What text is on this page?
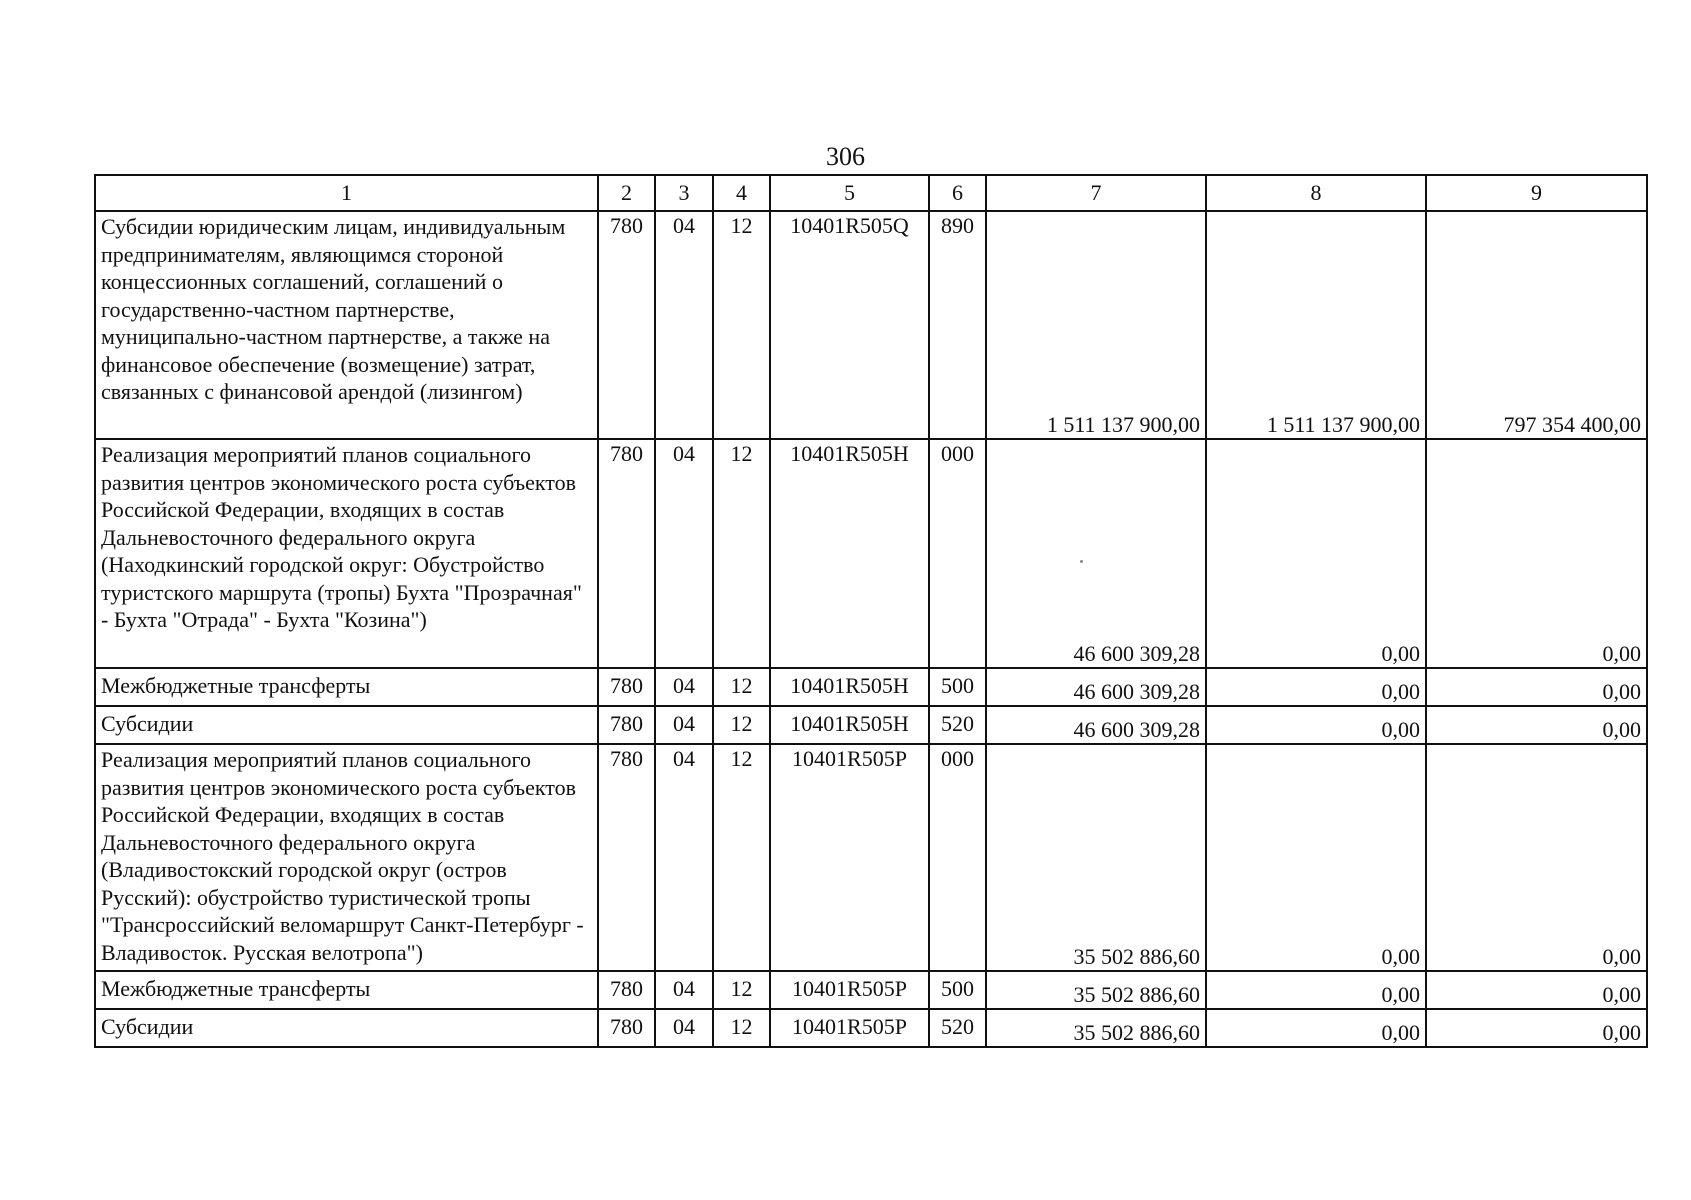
306
1	2	3	4	5	6	7	8	9
Субсидии юридическим лицам, индивидуальным предпринимателям, являющимся стороной концессионных соглашений, соглашений о государственно-частном партнерстве, муниципально-частном партнерстве, а также на финансовое обеспечение (возмещение) затрат, связанных с финансовой арендой (лизингом)	780	04	12	10401R505Q	890	1 511 137 900,00	1 511 137 900,00	797 354 400,00
Реализация мероприятий планов социального развития центров экономического роста субъектов Российской Федерации, входящих в состав Дальневосточного федерального округа (Находкинский городской округ: Обустройство туристского маршрута (тропы) Бухта "Прозрачная" - Бухта "Отрада" - Бухта "Козина")	780	04	12	10401R505H	000	46 600 309,28	0,00	0,00
Межбюджетные трансферты	780	04	12	10401R505H	500	46 600 309,28	0,00	0,00
Субсидии	780	04	12	10401R505H	520	46 600 309,28	0,00	0,00
Реализация мероприятий планов социального развития центров экономического роста субъектов Российской Федерации, входящих в состав Дальневосточного федерального округа (Владивостокский городской округ (остров Русский): обустройство туристической тропы "Трансроссийский веломаршрут Санкт-Петербург - Владивосток. Русская велотропа")	780	04	12	10401R505P	000	35 502 886,60	0,00	0,00
Межбюджетные трансферты	780	04	12	10401R505P	500	35 502 886,60	0,00	0,00
Субсидии	780	04	12	10401R505P	520	35 502 886,60	0,00	0,00
